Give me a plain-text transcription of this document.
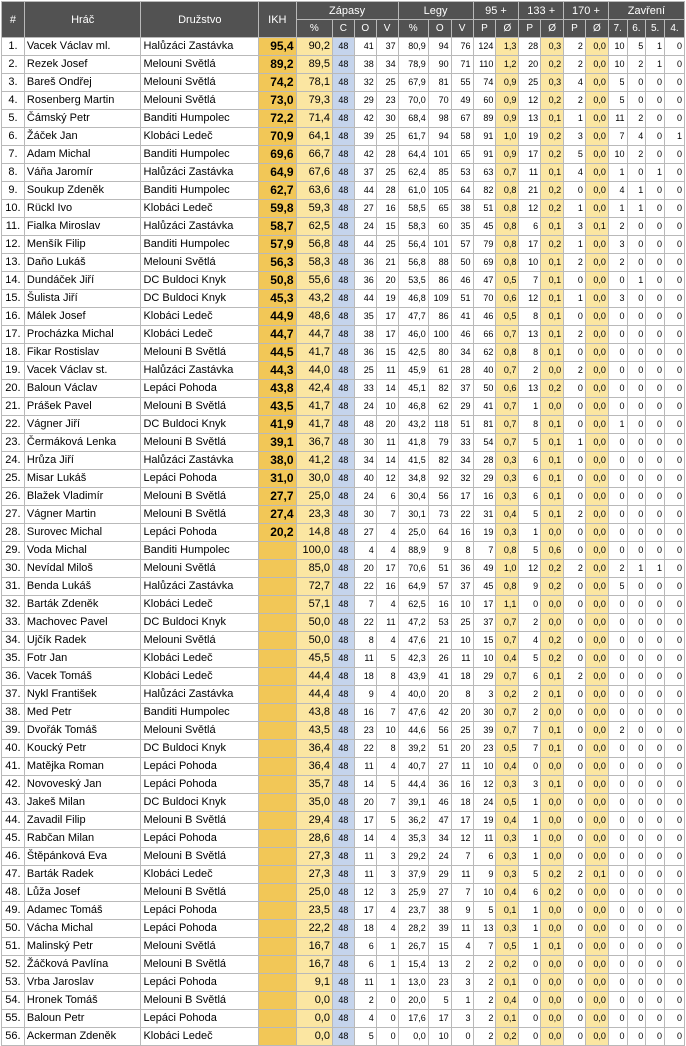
#	Hráč	Družstvo	IKH	Zápasy				Legy			95 +		133 +		170 +		Zavření			
				%	C	O	V	%	O	V	P	Ø	P	Ø	P	Ø	7.	6.	5.	4.
1.	Vacek Václav ml.	Halůzáci Zastávka	95,4	90,2	48	41	37	80,9	94	76	124	1,3	28	0,3	2	0,0	10	5	1	0
2.	Rezek Josef	Melouni Světlá	89,2	89,5	48	38	34	78,9	90	71	110	1,2	20	0,2	2	0,0	10	2	1	0
3.	Bareš Ondřej	Melouni Světlá	74,2	78,1	48	32	25	67,9	81	55	74	0,9	25	0,3	4	0,0	5	0	0	0
4.	Rosenberg Martin	Melouni Světlá	73,0	79,3	48	29	23	70,0	70	49	60	0,9	12	0,2	2	0,0	5	0	0	0
5.	Čámský Petr	Banditi Humpolec	72,2	71,4	48	42	30	68,4	98	67	89	0,9	13	0,1	1	0,0	11	2	0	0
6.	Žáček Jan	Klobáci Ledeč	70,9	64,1	48	39	25	61,7	94	58	91	1,0	19	0,2	3	0,0	7	4	0	1
7.	Adam Michal	Banditi Humpolec	69,6	66,7	48	42	28	64,4	101	65	91	0,9	17	0,2	5	0,0	10	2	0	0
8.	Váňa Jaromír	Halůzáci Zastávka	64,9	67,6	48	37	25	62,4	85	53	63	0,7	11	0,1	4	0,0	1	0	1	0
9.	Soukup Zdeněk	Banditi Humpolec	62,7	63,6	48	44	28	61,0	105	64	82	0,8	21	0,2	0	0,0	4	1	0	0
10.	Rückl Ivo	Klobáci Ledeč	59,8	59,3	48	27	16	58,5	65	38	51	0,8	12	0,2	1	0,0	1	1	0	0
11.	Fialka Miroslav	Halůzáci Zastávka	58,7	62,5	48	24	15	58,3	60	35	45	0,8	6	0,1	3	0,1	2	0	0	0
12.	Menšík Filip	Banditi Humpolec	57,9	56,8	48	44	25	56,4	101	57	79	0,8	17	0,2	1	0,0	3	0	0	0
13.	Daňo Lukáš	Melouni Světlá	56,3	58,3	48	36	21	56,8	88	50	69	0,8	10	0,1	2	0,0	2	0	0	0
14.	Dundáček Jiří	DC Buldoci Knyk	50,8	55,6	48	36	20	53,5	86	46	47	0,5	7	0,1	0	0,0	0	1	0	0
15.	Šulista Jiří	DC Buldoci Knyk	45,3	43,2	48	44	19	46,8	109	51	70	0,6	12	0,1	1	0,0	3	0	0	0
16.	Málek Josef	Klobáci Ledeč	44,9	48,6	48	35	17	47,7	86	41	46	0,5	8	0,1	0	0,0	0	0	0	0
17.	Procházka Michal	Klobáci Ledeč	44,7	44,7	48	38	17	46,0	100	46	66	0,7	13	0,1	2	0,0	0	0	0	0
18.	Fikar Rostislav	Melouni B Světlá	44,5	41,7	48	36	15	42,5	80	34	62	0,8	8	0,1	0	0,0	0	0	0	0
19.	Vacek Václav st.	Halůzáci Zastávka	44,3	44,0	48	25	11	45,9	61	28	40	0,7	2	0,0	2	0,0	0	0	0	0
20.	Baloun Václav	Lepáci Pohoda	43,8	42,4	48	33	14	45,1	82	37	50	0,6	13	0,2	0	0,0	0	0	0	0
21.	Prášek Pavel	Melouni B Světlá	43,5	41,7	48	24	10	46,8	62	29	41	0,7	1	0,0	0	0,0	0	0	0	0
22.	Vágner Jiří	DC Buldoci Knyk	41,9	41,7	48	48	20	43,2	118	51	81	0,7	8	0,1	0	0,0	1	0	0	0
23.	Čermáková Lenka	Melouni B Světlá	39,1	36,7	48	30	11	41,8	79	33	54	0,7	5	0,1	1	0,0	0	0	0	0
24.	Hrůza Jiří	Halůzáci Zastávka	38,0	41,2	48	34	14	41,5	82	34	28	0,3	6	0,1	0	0,0	0	0	0	0
25.	Misar Lukáš	Lepáci Pohoda	31,0	30,0	48	40	12	34,8	92	32	29	0,3	6	0,1	0	0,0	0	0	0	0
26.	Blažek Vladimír	Melouni B Světlá	27,7	25,0	48	24	6	30,4	56	17	16	0,3	6	0,1	0	0,0	0	0	0	0
27.	Vágner Martin	Melouni B Světlá	27,4	23,3	48	30	7	30,1	73	22	31	0,4	5	0,1	2	0,0	0	0	0	0
28.	Surovec Michal	Lepáci Pohoda	20,2	14,8	48	27	4	25,0	64	16	19	0,3	1	0,0	0	0,0	0	0	0	0
29.	Voda Michal	Banditi Humpolec		100,0	48	4	4	88,9	9	8	7	0,8	5	0,6	0	0,0	0	0	0	0
30.	Nevídal Miloš	Melouni Světlá		85,0	48	20	17	70,6	51	36	49	1,0	12	0,2	2	0,0	2	1	1	0
31.	Benda Lukáš	Halůzáci Zastávka		72,7	48	22	16	64,9	57	37	45	0,8	9	0,2	0	0,0	5	0	0	0
32.	Barták Zdeněk	Klobáci Ledeč		57,1	48	7	4	62,5	16	10	17	1,1	0	0,0	0	0,0	0	0	0	0
33.	Machovec Pavel	DC Buldoci Knyk		50,0	48	22	11	47,2	53	25	37	0,7	2	0,0	0	0,0	0	0	0	0
34.	Ujčík Radek	Melouni Světlá		50,0	48	8	4	47,6	21	10	15	0,7	4	0,2	0	0,0	0	0	0	0
35.	Fotr Jan	Klobáci Ledeč		45,5	48	11	5	42,3	26	11	10	0,4	5	0,2	0	0,0	0	0	0	0
36.	Vacek Tomáš	Klobáci Ledeč		44,4	48	18	8	43,9	41	18	29	0,7	6	0,1	2	0,0	0	0	0	0
37.	Nykl František	Halůzáci Zastávka		44,4	48	9	4	40,0	20	8	3	0,2	2	0,1	0	0,0	0	0	0	0
38.	Med Petr	Banditi Humpolec		43,8	48	16	7	47,6	42	20	30	0,7	2	0,0	0	0,0	0	0	0	0
39.	Dvořák Tomáš	Melouni Světlá		43,5	48	23	10	44,6	56	25	39	0,7	7	0,1	0	0,0	2	0	0	0
40.	Koucký Petr	DC Buldoci Knyk		36,4	48	22	8	39,2	51	20	23	0,5	7	0,1	0	0,0	0	0	0	0
41.	Matějka Roman	Lepáci Pohoda		36,4	48	11	4	40,7	27	11	10	0,4	0	0,0	0	0,0	0	0	0	0
42.	Novoveský Jan	Lepáci Pohoda		35,7	48	14	5	44,4	36	16	12	0,3	3	0,1	0	0,0	0	0	0	0
43.	Jakeš Milan	DC Buldoci Knyk		35,0	48	20	7	39,1	46	18	24	0,5	1	0,0	0	0,0	0	0	0	0
44.	Zavadil Filip	Melouni B Světlá		29,4	48	17	5	36,2	47	17	19	0,4	1	0,0	0	0,0	0	0	0	0
45.	Rabčan Milan	Lepáci Pohoda		28,6	48	14	4	35,3	34	12	11	0,3	1	0,0	0	0,0	0	0	0	0
46.	Štěpánková Eva	Melouni B Světlá		27,3	48	11	3	29,2	24	7	6	0,3	1	0,0	0	0,0	0	0	0	0
47.	Barták Radek	Klobáci Ledeč		27,3	48	11	3	37,9	29	11	9	0,3	5	0,2	2	0,1	0	0	0	0
48.	Lůža Josef	Melouni B Světlá		25,0	48	12	3	25,9	27	7	10	0,4	6	0,2	0	0,0	0	0	0	0
49.	Adamec Tomáš	Lepáci Pohoda		23,5	48	17	4	23,7	38	9	5	0,1	1	0,0	0	0,0	0	0	0	0
50.	Vácha Michal	Lepáci Pohoda		22,2	48	18	4	28,2	39	11	13	0,3	1	0,0	0	0,0	0	0	0	0
51.	Malinský Petr	Melouni Světlá		16,7	48	6	1	26,7	15	4	7	0,5	1	0,1	0	0,0	0	0	0	0
52.	Žáčková Pavlína	Melouni B Světlá		16,7	48	6	1	15,4	13	2	2	0,2	0	0,0	0	0,0	0	0	0	0
53.	Vrba Jaroslav	Lepáci Pohoda		9,1	48	11	1	13,0	23	3	2	0,1	0	0,0	0	0,0	0	0	0	0
54.	Hronek Tomáš	Melouni B Světlá		0,0	48	2	0	20,0	5	1	2	0,4	0	0,0	0	0,0	0	0	0	0
55.	Baloun Petr	Lepáci Pohoda		0,0	48	4	0	17,6	17	3	2	0,1	0	0,0	0	0,0	0	0	0	0
56.	Ackerman Zdeněk	Klobáci Ledeč		0,0	48	5	0	0,0	10	0	2	0,2	0	0,0	0	0,0	0	0	0	0
